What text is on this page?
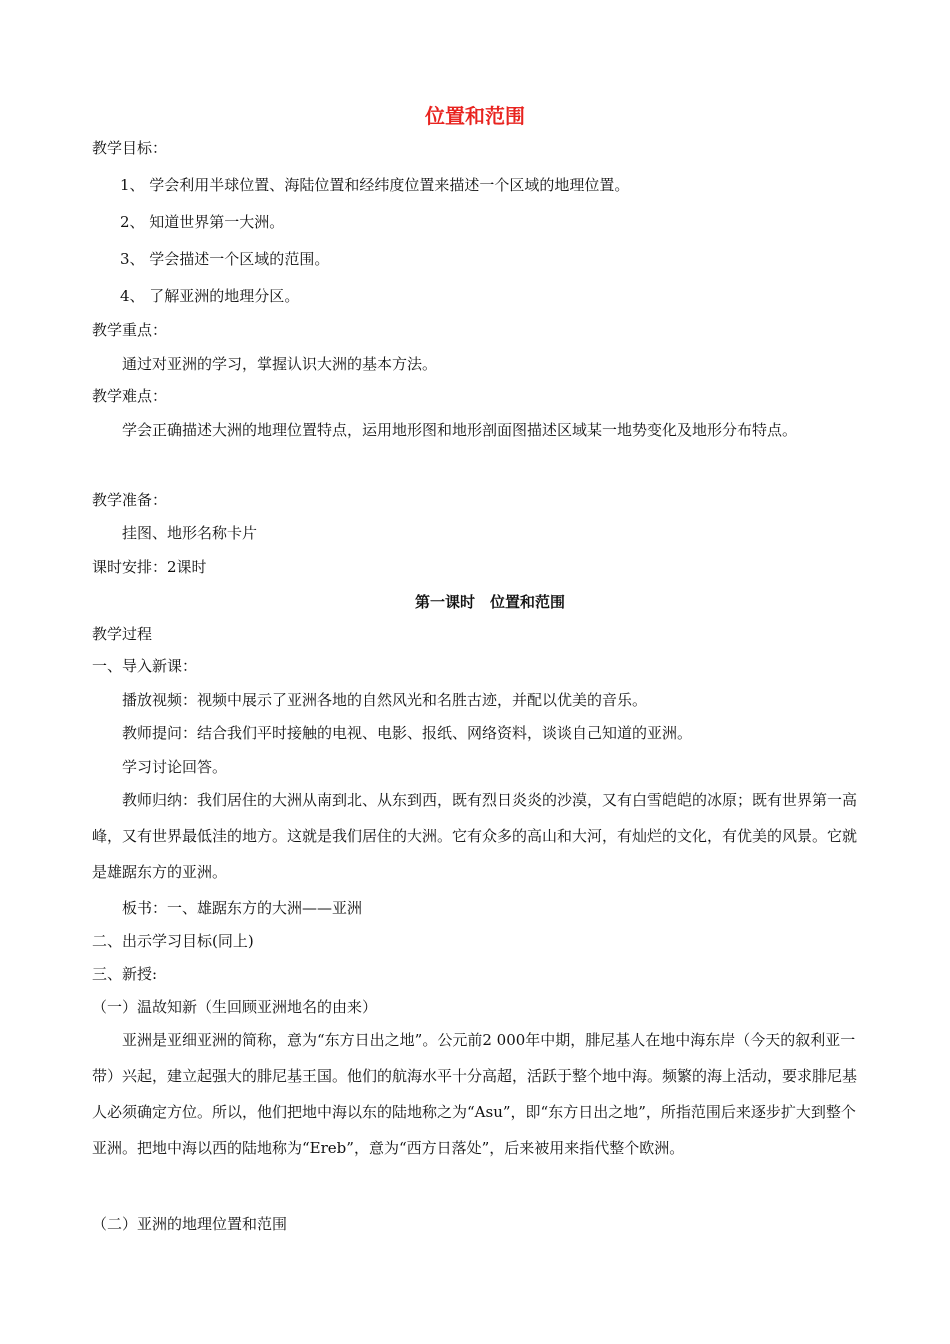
位置和范围
教学目标：
1、 学会利用半球位置、海陆位置和经纬度位置来描述一个区域的地理位置。
2、 知道世界第一大洲。
3、 学会描述一个区域的范围。
4、 了解亚洲的地理分区。
教学重点：
通过对亚洲的学习，掌握认识大洲的基本方法。
教学难点：
学会正确描述大洲的地理位置特点，运用地形图和地形剖面图描述区域某一地势变化及地形分布特点。
教学准备：
挂图、地形名称卡片
课时安排：2课时
第一课时　位置和范围
教学过程
一、导入新课：
播放视频：视频中展示了亚洲各地的自然风光和名胜古迹，并配以优美的音乐。
教师提问：结合我们平时接触的电视、电影、报纸、网络资料，谈谈自己知道的亚洲。
学习讨论回答。
教师归纳：我们居住的大洲从南到北、从东到西，既有烈日炎炎的沙漠，又有白雪皑皑的冰原；既有世界第一高峰，又有世界最低洼的地方。这就是我们居住的大洲。它有众多的高山和大河，有灿烂的文化，有优美的风景。它就是雄踞东方的亚洲。
板书：一、雄踞东方的大洲——亚洲
二、出示学习目标(同上)
三、新授:
（一）温故知新（生回顾亚洲地名的由来）
亚洲是亚细亚洲的简称，意为“东方日出之地”。公元前2 000年中期，腓尼基人在地中海东岸（今天的叙利亚一带）兴起，建立起强大的腓尼基王国。他们的航海水平十分高超，活跃于整个地中海。频繁的海上活动，要求腓尼基人必须确定方位。所以，他们把地中海以东的陆地称之为“Asu”，即“东方日出之地”，所指范围后来逐步扩大到整个亚洲。把地中海以西的陆地称为“Ereb”，意为“西方日落处”，后来被用来指代整个欧洲。
（二）亚洲的地理位置和范围
